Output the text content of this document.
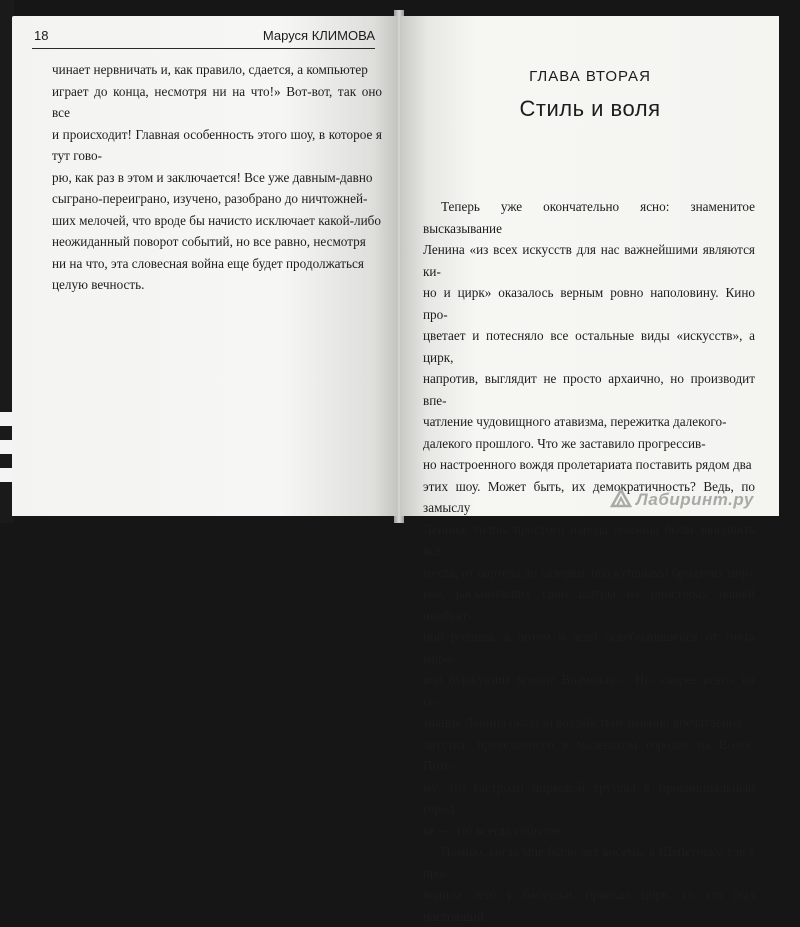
18	Маруся КЛИМОВА

чинает нервничать и, как правило, сдается, а компьютер

играет до конца, несмотря ни на что!» Вот-вот, так оно все

и происходит! Главная особенность этого шоу, в которое я тут гово-

рю, как раз в этом и заключается! Все уже давным-давно

сыграно-переиграно, изучено, разобрано до ничтожней-

ших мелочей, что вроде бы начисто исключает какой-либо

неожиданный поворот событий, но все равно, несмотря

ни на что, эта словесная война еще будет продолжаться

целую вечность.

ГЛАВА ВТОРАЯ
Стиль и воля

Теперь уже окончательно ясно: знаменитое высказывание

Ленина «из всех искусств для нас важнейшими являются ки-

но и цирк» оказалось верным ровно наполовину. Кино про-

цветает и потесняло все остальные виды «искусств», а цирк,

напротив, выглядит не просто архаично, но производит впе-

чатление чудовищного атавизма, пережитка далекого-

далекого прошлого. Что же заставило прогрессив-

но настроенного вождя пролетариата поставить рядом два

этих шоу. Может быть, их демократичность? Ведь, по замыслу

Ленина, толпы простого народа должны были заполнять все

места, от партера до галерки, под куполами бродячих цир-

ков, раскинувших свои шатры на просторах нашей необъят-

ной родины, а потом и всей освободившейся от гнета миро-

вой буржуазии Земли? Возможно... Но, скорее всего, на со-

знание Ленина оказали воздействие именно впечатления

детства, проведенного в маленьком городке на Волге. Пото-

му что гастроли цирковой труппы в провинциальный город-

ке — это всегда событие.

Помню, когда мне было лет восемь, в Шепетовку, где я про-

водила лето у бабушки, приехал цирк. О, это был настоящий

Лабиринт.ру
